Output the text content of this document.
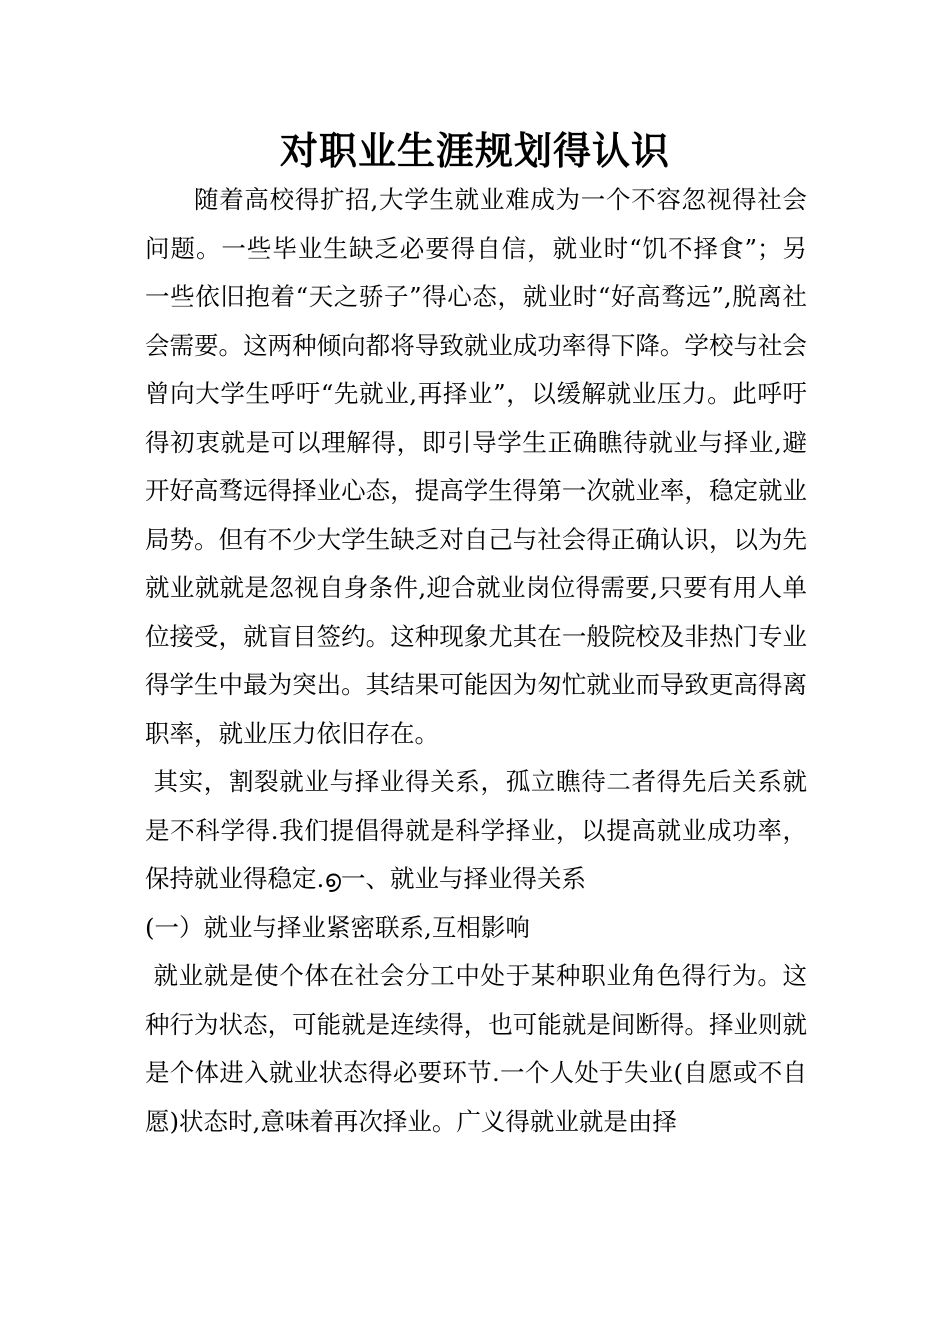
对职业生涯规划得认识

随着高校得扩招,大学生就业难成为一个不容忽视得社会问题。一些毕业生缺乏必要得自信，就业时“饥不择食”；另一些依旧抱着“天之骄子”得心态，就业时“好高骛远”,脱离社会需要。这两种倾向都将导致就业成功率得下降。学校与社会曾向大学生呼吁“先就业,再择业”，以缓解就业压力。此呼吁得初衷就是可以理解得，即引导学生正确瞧待就业与择业,避开好高骛远得择业心态，提高学生得第一次就业率，稳定就业局势。但有不少大学生缺乏对自己与社会得正确认识，以为先就业就就是忽视自身条件,迎合就业岗位得需要,只要有用人单位接受，就盲目签约。这种现象尤其在一般院校及非热门专业得学生中最为突出。其结果可能因为匆忙就业而导致更高得离职率，就业压力依旧存在。

其实，割裂就业与择业得关系，孤立瞧待二者得先后关系就是不科学得.我们提倡得就是科学择业，以提高就业成功率，保持就业得稳定.൭一、就业与择业得关系

(一）就业与择业紧密联系,互相影响

就业就是使个体在社会分工中处于某种职业角色得行为。这种行为状态，可能就是连续得，也可能就是间断得。择业则就是个体进入就业状态得必要环节.一个人处于失业(自愿或不自愿)状态时,意味着再次择业。广义得就业就是由择
